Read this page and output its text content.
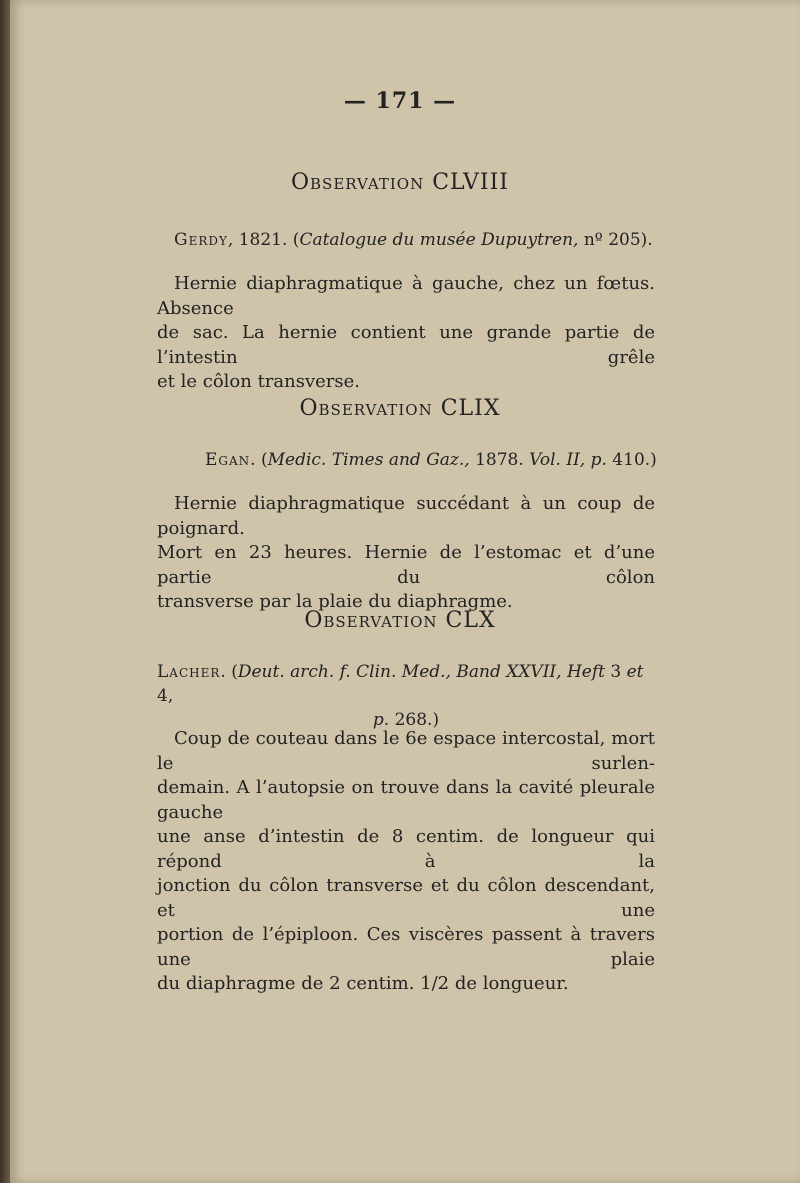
— 171 —
Observation CLVIII
Gerdy, 1821. (Catalogue du musée Dupuytren, nº 205).
Hernie diaphragmatique à gauche, chez un fœtus. Absence
de sac. La hernie contient une grande partie de l’intestin grêle
et le côlon transverse.
Observation CLIX
Egan. (Medic. Times and Gaz., 1878. Vol. II, p. 410.)
Hernie diaphragmatique succédant à un coup de poignard.
Mort en 23 heures. Hernie de l’estomac et d’une partie du côlon
transverse par la plaie du diaphragme.
Observation CLX
Lacher. (Deut. arch. f. Clin. Med., Band XXVII, Heft 3 et 4,
p. 268.)
Coup de couteau dans le 6e espace intercostal, mort le surlen-
demain. A l’autopsie on trouve dans la cavité pleurale gauche
une anse d’intestin de 8 centim. de longueur qui répond à la
jonction du côlon transverse et du côlon descendant, et une
portion de l’épiploon. Ces viscères passent à travers une plaie
du diaphragme de 2 centim. 1/2 de longueur.
